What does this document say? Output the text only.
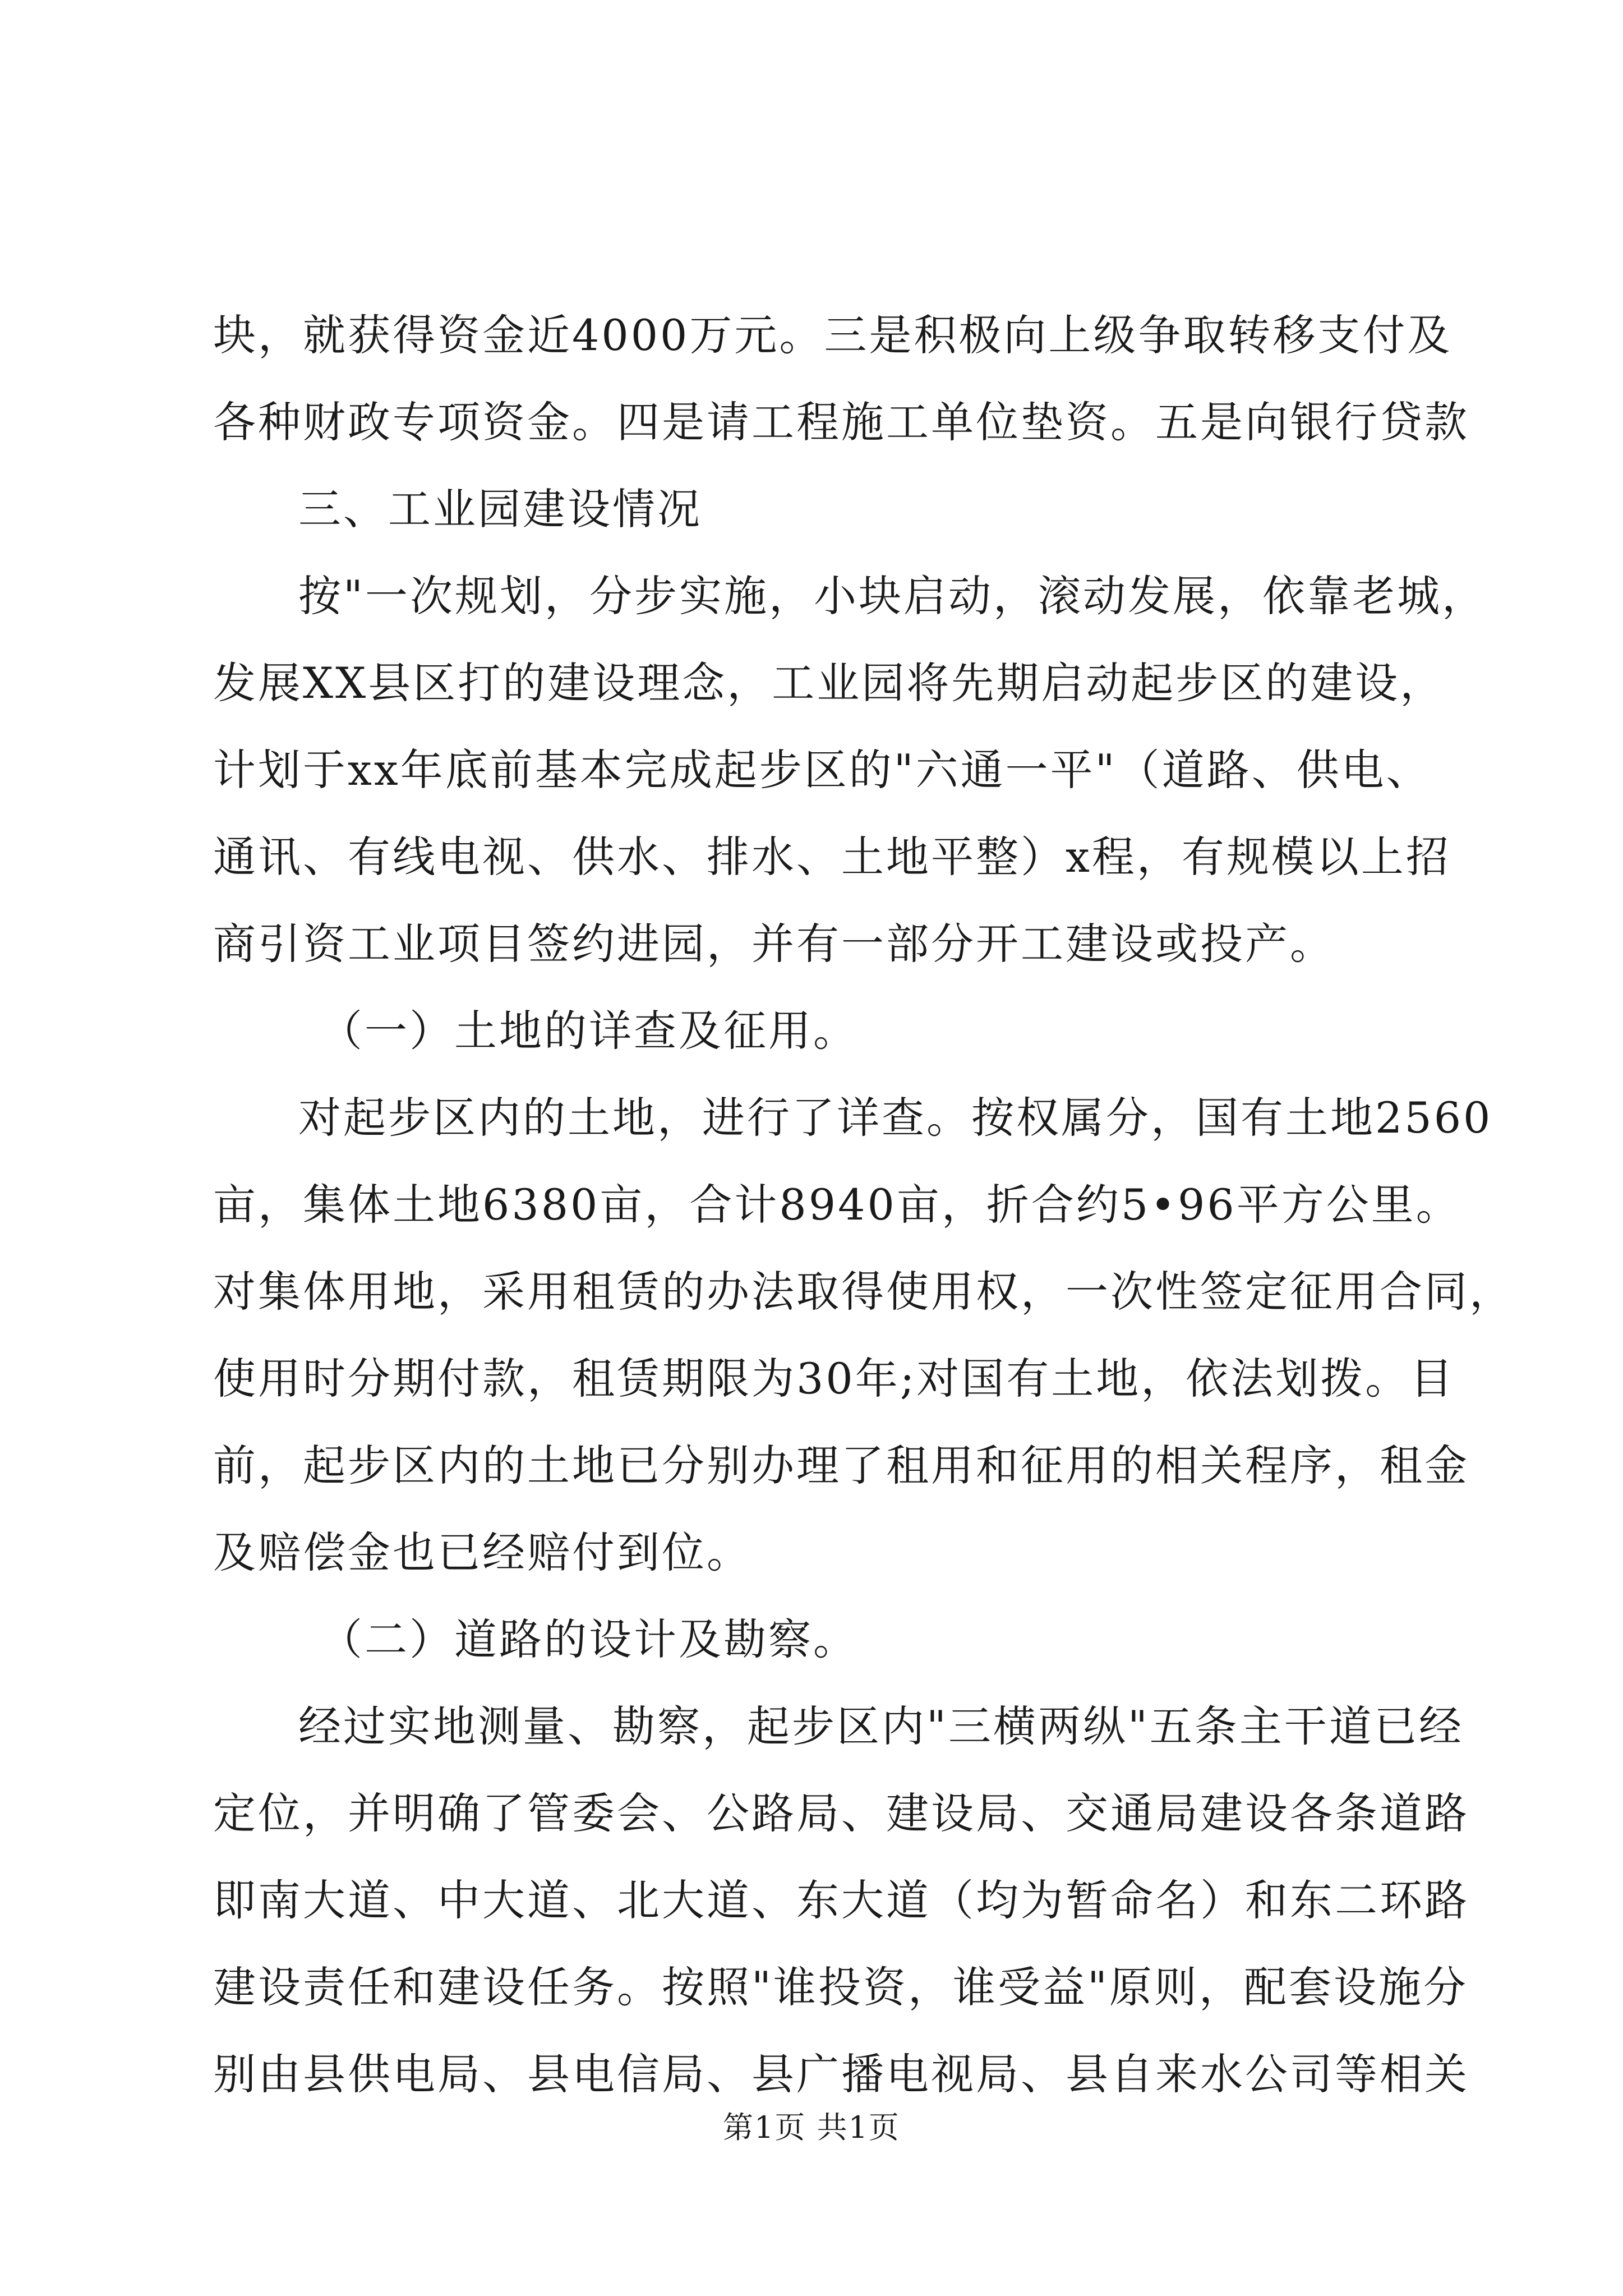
块，就获得资金近4000万元。三是积极向上级争取转移支付及
各种财政专项资金。四是请工程施工单位垫资。五是向银行贷款
三、工业园建设情况
按"一次规划，分步实施，小块启动，滚动发展，依靠老城，
发展XX县区打的建设理念，工业园将先期启动起步区的建设，
计划于xx年底前基本完成起步区的"六通一平"（道路、供电、
通讯、有线电视、供水、排水、土地平整）x程，有规模以上招
商引资工业项目签约进园，并有一部分开工建设或投产。
（一）土地的详查及征用。
对起步区内的土地，进行了详查。按权属分，国有土地2560
亩，集体土地6380亩，合计8940亩，折合约5•96平方公里。
对集体用地，采用租赁的办法取得使用权，一次性签定征用合同，
使用时分期付款，租赁期限为30年;对国有土地，依法划拨。目
前，起步区内的土地已分别办理了租用和征用的相关程序，租金
及赔偿金也已经赔付到位。
（二）道路的设计及勘察。
经过实地测量、勘察，起步区内"三横两纵"五条主干道已经
定位，并明确了管委会、公路局、建设局、交通局建设各条道路
即南大道、中大道、北大道、东大道（均为暂命名）和东二环路
建设责任和建设任务。按照"谁投资，谁受益"原则，配套设施分
别由县供电局、县电信局、县广播电视局、县自来水公司等相关
第1页 共1页
